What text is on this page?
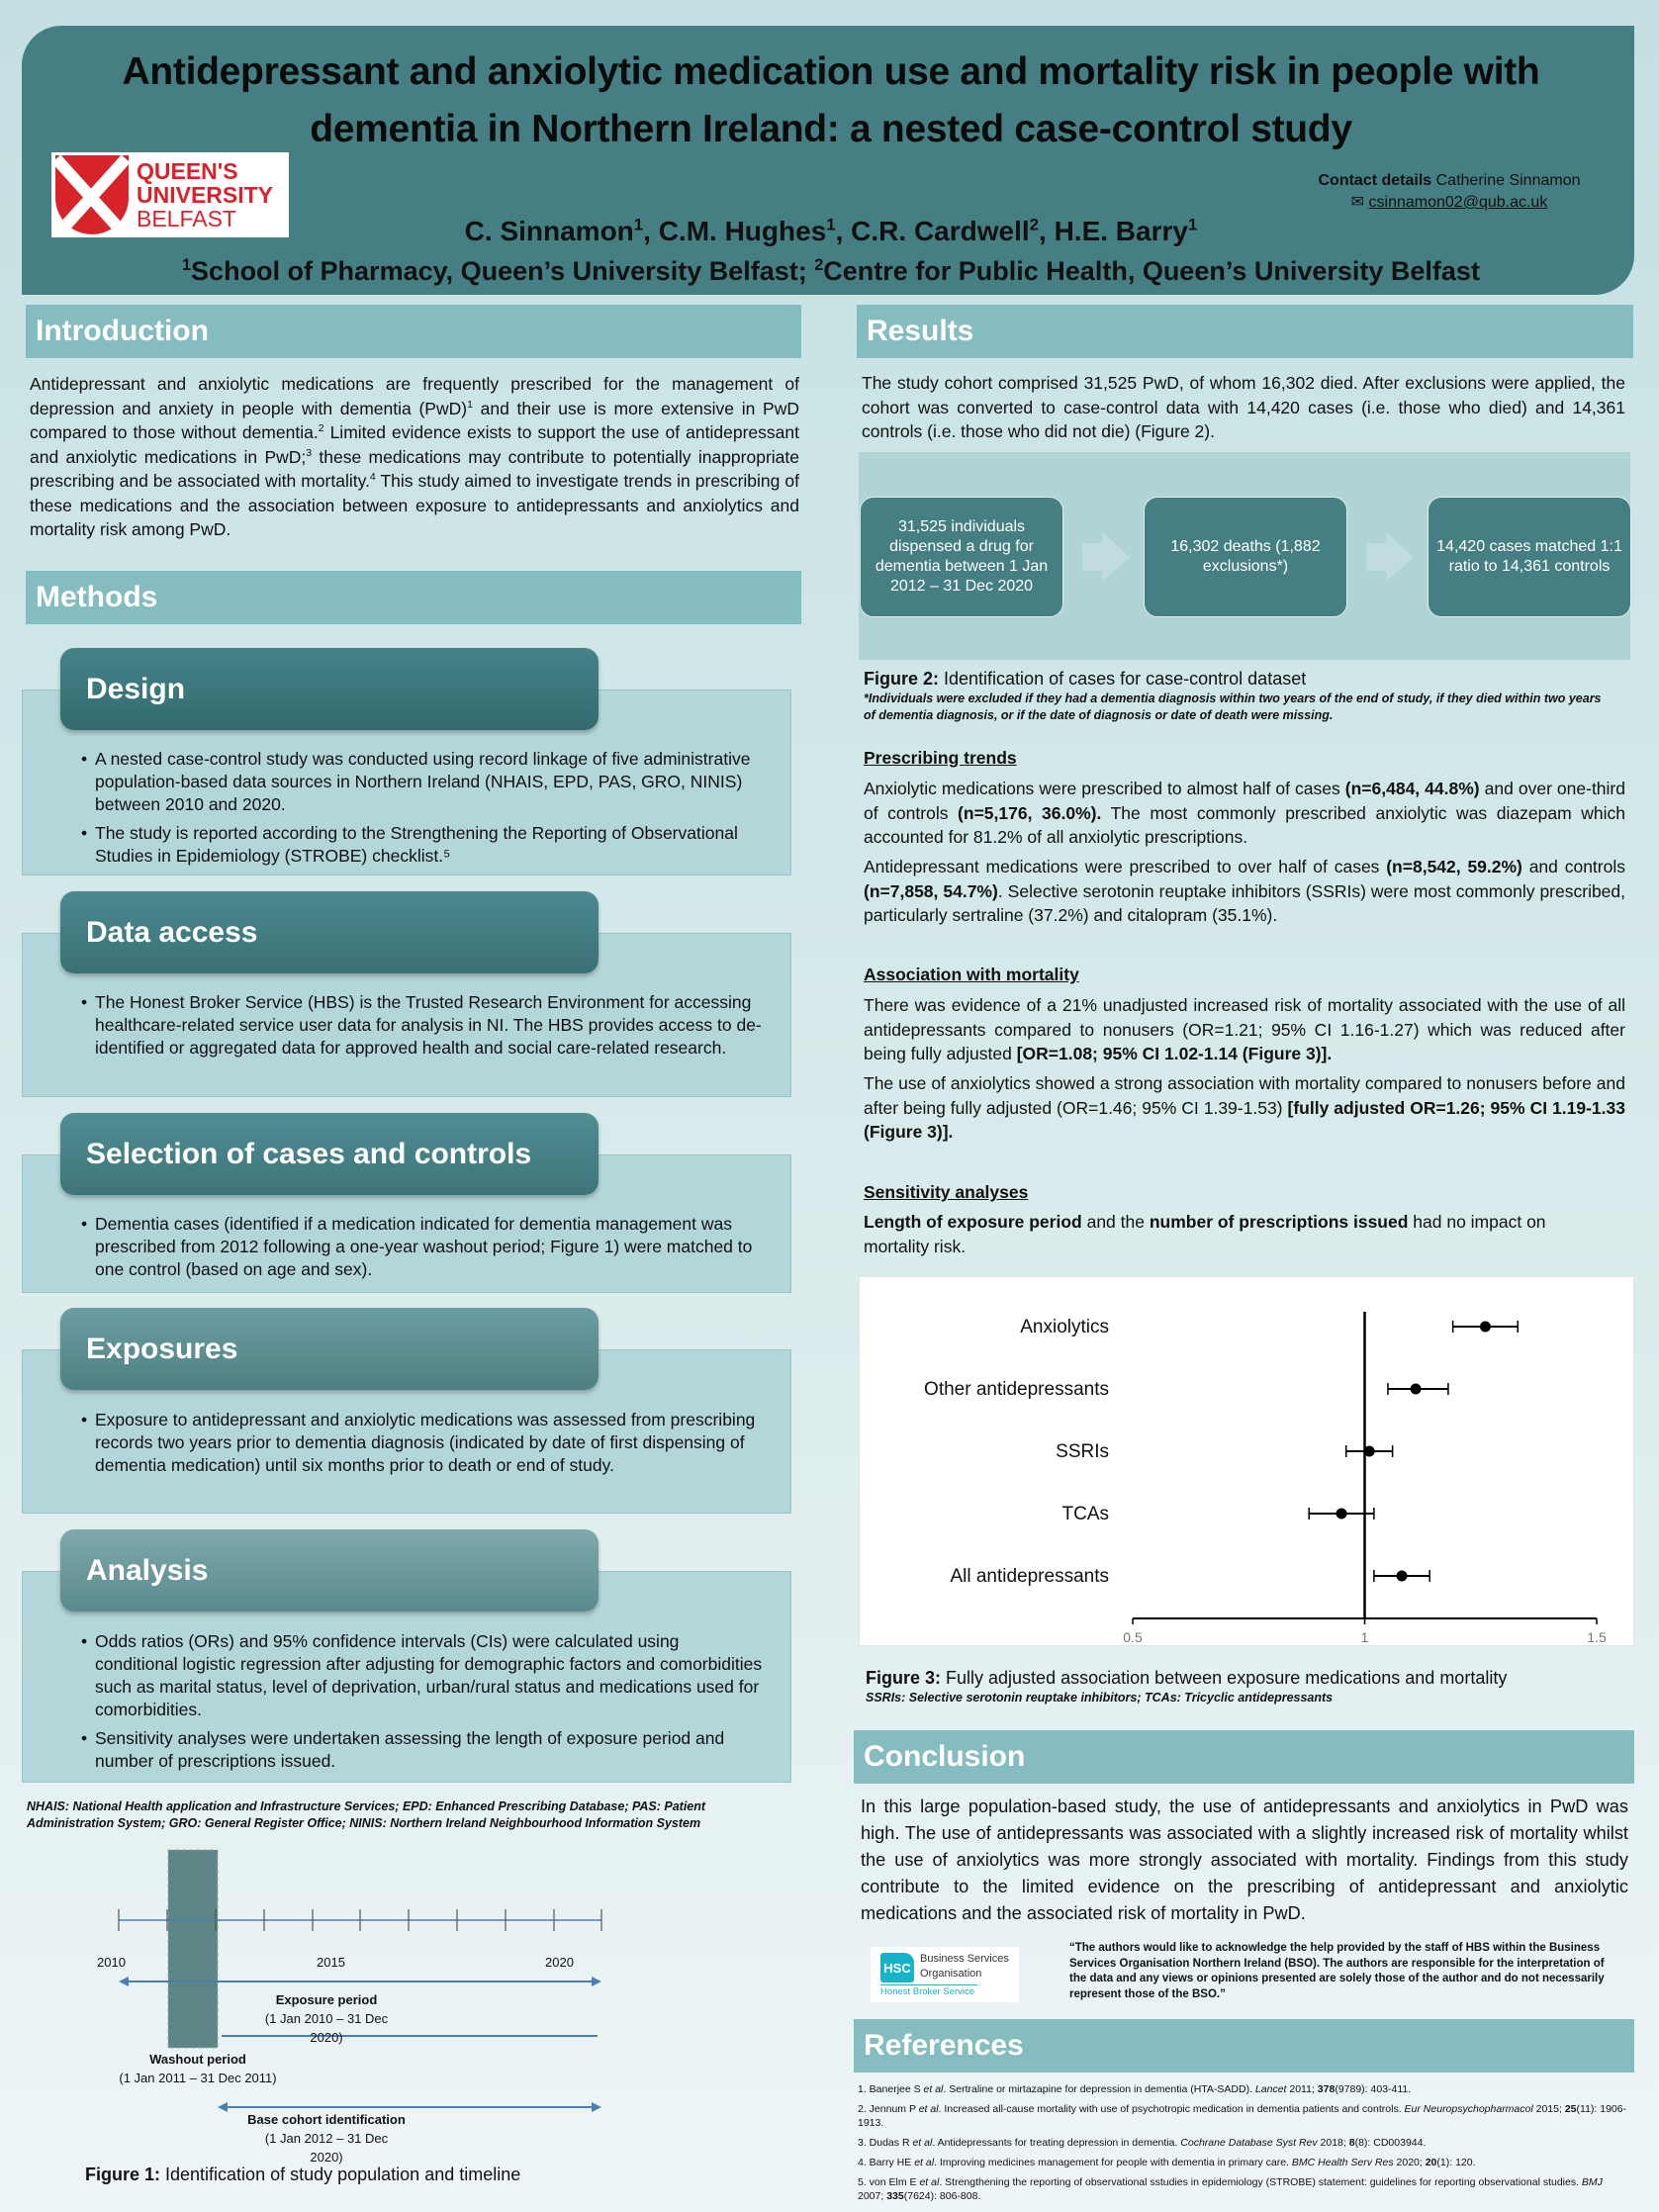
Antidepressant and anxiolytic medication use and mortality risk in people with dementia in Northern Ireland: a nested case-control study
QUEEN'S
UNIVERSITY
BELFAST
Contact details Catherine Sinnamon
✉ csinnamon02@qub.ac.uk
C. Sinnamon$^1$, C.M. Hughes$^1$, C.R. Cardwell$^2$, H.E. Barry$^1$
$^1$School of Pharmacy, Queen’s University Belfast; $^2$Centre for Public Health, Queen’s University Belfast
Introduction
Antidepressant and anxiolytic medications are frequently prescribed for the management of depression and anxiety in people with dementia (PwD)$^1$ and their use is more extensive in PwD compared to those without dementia.$^2$ Limited evidence exists to support the use of antidepressant and anxiolytic medications in PwD;$^3$ these medications may contribute to potentially inappropriate prescribing and be associated with mortality.$^4$ This study aimed to investigate trends in prescribing of these medications and the association between exposure to antidepressants and anxiolytics and mortality risk among PwD.
Methods
Design
• A nested case-control study was conducted using record linkage of five administrative population-based data sources in Northern Ireland (NHAIS, EPD, PAS, GRO, NINIS) between 2010 and 2020.
• The study is reported according to the Strengthening the Reporting of Observational Studies in Epidemiology (STROBE) checklist.⁵
Data access
• The Honest Broker Service (HBS) is the Trusted Research Environment for accessing healthcare-related service user data for analysis in NI. The HBS provides access to de-identified or aggregated data for approved health and social care-related research.
Selection of cases and controls
• Dementia cases (identified if a medication indicated for dementia management was prescribed from 2012 following a one-year washout period; Figure 1) were matched to one control (based on age and sex).
Exposures
• Exposure to antidepressant and anxiolytic medications was assessed from prescribing records two years prior to dementia diagnosis (indicated by date of first dispensing of dementia medication) until six months prior to death or end of study.
Analysis
• Odds ratios (ORs) and 95% confidence intervals (CIs) were calculated using conditional logistic regression after adjusting for demographic factors and comorbidities such as marital status, level of deprivation, urban/rural status and medications used for comorbidities.
• Sensitivity analyses were undertaken assessing the length of exposure period and number of prescriptions issued.
NHAIS: National Health application and Infrastructure Services; EPD: Enhanced Prescribing Database; PAS: Patient Administration System; GRO: General Register Office; NINIS: Northern Ireland Neighbourhood Information System
2010	2015	2020
Exposure period
(1 Jan 2010 – 31 Dec 2020)
Washout period
(1 Jan 2011 – 31 Dec 2011)
Base cohort identification
(1 Jan 2012 – 31 Dec 2020)
Figure 1: Identification of study population and timeline
Results
The study cohort comprised 31,525 PwD, of whom 16,302 died. After exclusions were applied, the cohort was converted to case-control data with 14,420 cases (i.e. those who died) and 14,361 controls (i.e. those who did not die) (Figure 2).
31,525 individuals dispensed a drug for dementia between 1 Jan 2012 – 31 Dec 2020
16,302 deaths (1,882 exclusions*)
14,420 cases matched 1:1 ratio to 14,361 controls
Figure 2: Identification of cases for case-control dataset
*Individuals were excluded if they had a dementia diagnosis within two years of the end of study, if they died within two years of dementia diagnosis, or if the date of diagnosis or date of death were missing.
Prescribing trends
Anxiolytic medications were prescribed to almost half of cases (n=6,484, 44.8%) and over one-third of controls (n=5,176, 36.0%). The most commonly prescribed anxiolytic was diazepam which accounted for 81.2% of all anxiolytic prescriptions.
Antidepressant medications were prescribed to over half of cases (n=8,542, 59.2%) and controls (n=7,858, 54.7%). Selective serotonin reuptake inhibitors (SSRIs) were most commonly prescribed, particularly sertraline (37.2%) and citalopram (35.1%).
Association with mortality
There was evidence of a 21% unadjusted increased risk of mortality associated with the use of all antidepressants compared to nonusers (OR=1.21; 95% CI 1.16-1.27) which was reduced after being fully adjusted [OR=1.08; 95% CI 1.02-1.14 (Figure 3)].
The use of anxiolytics showed a strong association with mortality compared to nonusers before and after being fully adjusted (OR=1.46; 95% CI 1.39-1.53) [fully adjusted OR=1.26; 95% CI 1.19-1.33 (Figure 3)].
Sensitivity analyses
Length of exposure period and the number of prescriptions issued had no impact on mortality risk.
0.5	1	1.5
Anxiolytics
Other antidepressants
SSRIs
TCAs
All antidepressants
Figure 3: Fully adjusted association between exposure medications and mortality
SSRIs: Selective serotonin reuptake inhibitors; TCAs: Tricyclic antidepressants
Conclusion
In this large population-based study, the use of antidepressants and anxiolytics in PwD was high. The use of antidepressants was associated with a slightly increased risk of mortality whilst the use of anxiolytics was more strongly associated with mortality. Findings from this study contribute to the limited evidence on the prescribing of antidepressant and anxiolytic medications and the associated risk of mortality in PwD.
HSC
Business Services
Organisation
Honest Broker Service
“The authors would like to acknowledge the help provided by the staff of HBS within the Business Services Organisation Northern Ireland (BSO). The authors are responsible for the interpretation of the data and any views or opinions presented are solely those of the author and do not necessarily represent those of the BSO.”
References
1. Banerjee S et al. Sertraline or mirtazapine for depression in dementia (HTA-SADD). Lancet 2011; 378(9789): 403-411.
2. Jennum P et al. Increased all-cause mortality with use of psychotropic medication in dementia patients and controls. Eur Neuropsychopharmacol 2015; 25(11): 1906-1913.
3. Dudas R et al. Antidepressants for treating depression in dementia. Cochrane Database Syst Rev 2018; 8(8): CD003944.
4. Barry HE et al. Improving medicines management for people with dementia in primary care. BMC Health Serv Res 2020; 20(1): 120.
5. von Elm E et al. Strengthening the reporting of observational sstudies in epidemiology (STROBE) statement: guidelines for reporting observational studies. BMJ 2007; 335(7624): 806-808.
